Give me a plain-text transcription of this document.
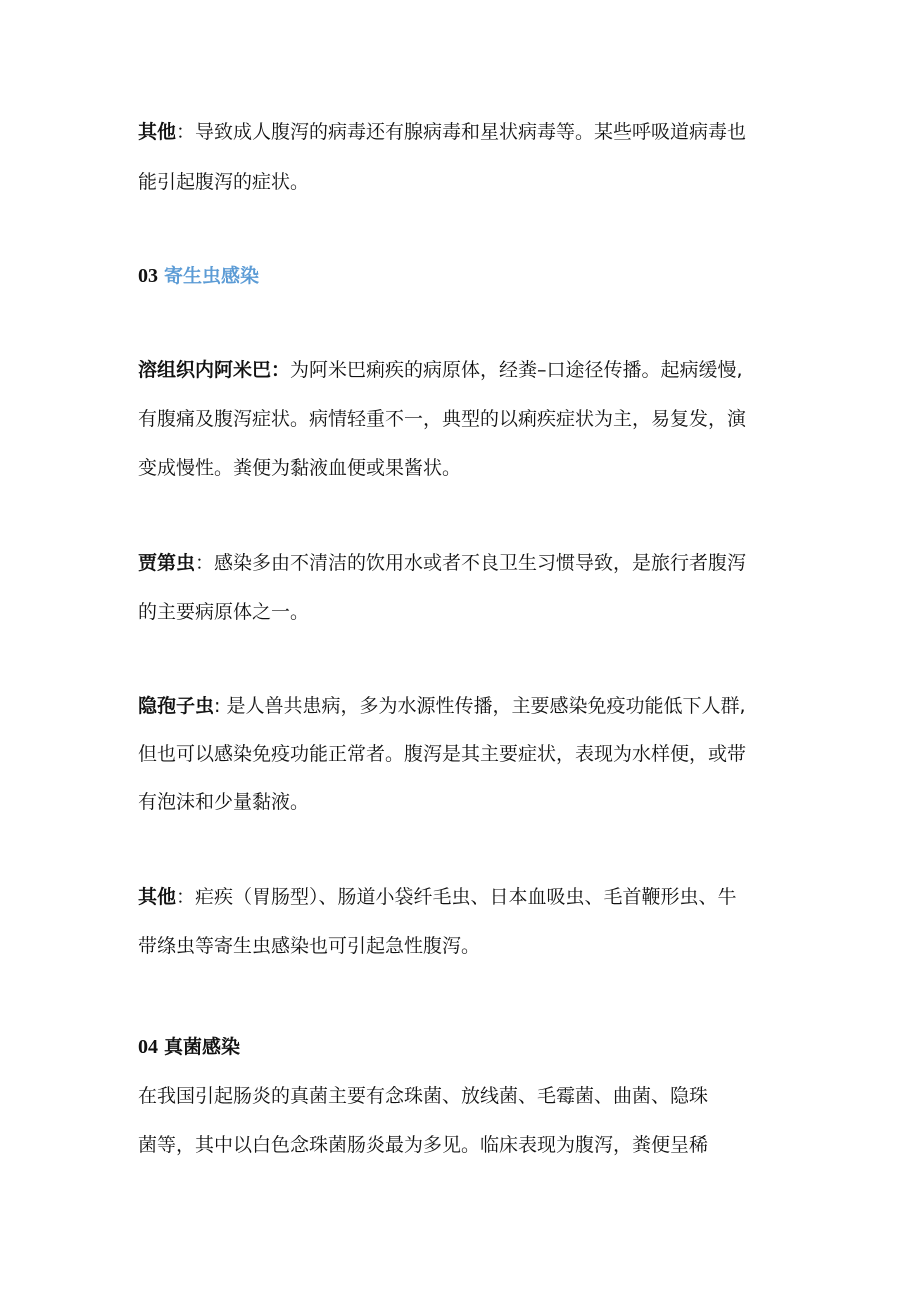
其他：导致成人腹泻的病毒还有腺病毒和星状病毒等。某些呼吸道病毒也
能引起腹泻的症状。
03 寄生虫感染
溶组织内阿米巴：为阿米巴痢疾的病原体，经粪–口途径传播。起病缓慢,
有腹痛及腹泻症状。病情轻重不一，典型的以痢疾症状为主，易复发，演
变成慢性。粪便为黏液血便或果酱状。
贾第虫：感染多由不清洁的饮用水或者不良卫生习惯导致，是旅行者腹泻
的主要病原体之一。
隐孢子虫: 是人兽共患病，多为水源性传播，主要感染免疫功能低下人群,
但也可以感染免疫功能正常者。腹泻是其主要症状，表现为水样便，或带
有泡沫和少量黏液。
其他：疟疾（胃肠型）、肠道小袋纤毛虫、日本血吸虫、毛首鞭形虫、牛
带绦虫等寄生虫感染也可引起急性腹泻。
04 真菌感染
在我国引起肠炎的真菌主要有念珠菌、放线菌、毛霉菌、曲菌、隐珠
菌等，其中以白色念珠菌肠炎最为多见。临床表现为腹泻，粪便呈稀
